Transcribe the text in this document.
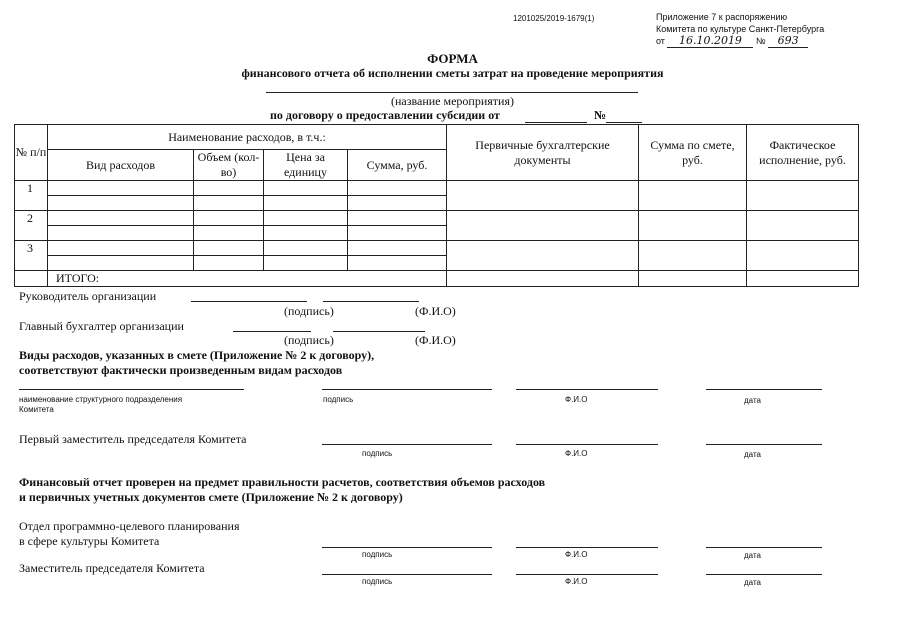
1201025/2019-1679(1)	Приложение 7 к распоряжению
Комитета по культуре Санкт-Петербурга
от 16.10.2019 № 693
ФОРМА
финансового отчета об исполнении сметы затрат на проведение мероприятия
(название мероприятия)
по договору о предоставлении субсидии от	№
№ п/п	Наименование расходов, в т.ч.:				Первичные бухгалтерские документы	Сумма по смете, руб.	Фактическое исполнение, руб.
	Вид расходов	Объем (кол-во)	Цена за единицу	Сумма, руб.			
1							

2							

3							

	ИТОГО:						
Руководитель организации
(подпись)	(Ф.И.О)
Главный бухгалтер организации
(подпись)	(Ф.И.О)
Виды расходов, указанных в смете (Приложение № 2 к договору),
соответствуют фактически произведенным видам расходов
наименование структурного подразделения
Комитета
подпись	Ф.И.О	дата
Первый заместитель председателя Комитета
подпись	Ф.И.О	дата
Финансовый отчет проверен на предмет правильности расчетов, соответствия объемов расходов
и первичных учетных документов смете (Приложение № 2 к договору)
Отдел программно-целевого планирования
в сфере культуры Комитета
подпись	Ф.И.О	дата
Заместитель председателя Комитета
подпись	Ф.И.О	дата
